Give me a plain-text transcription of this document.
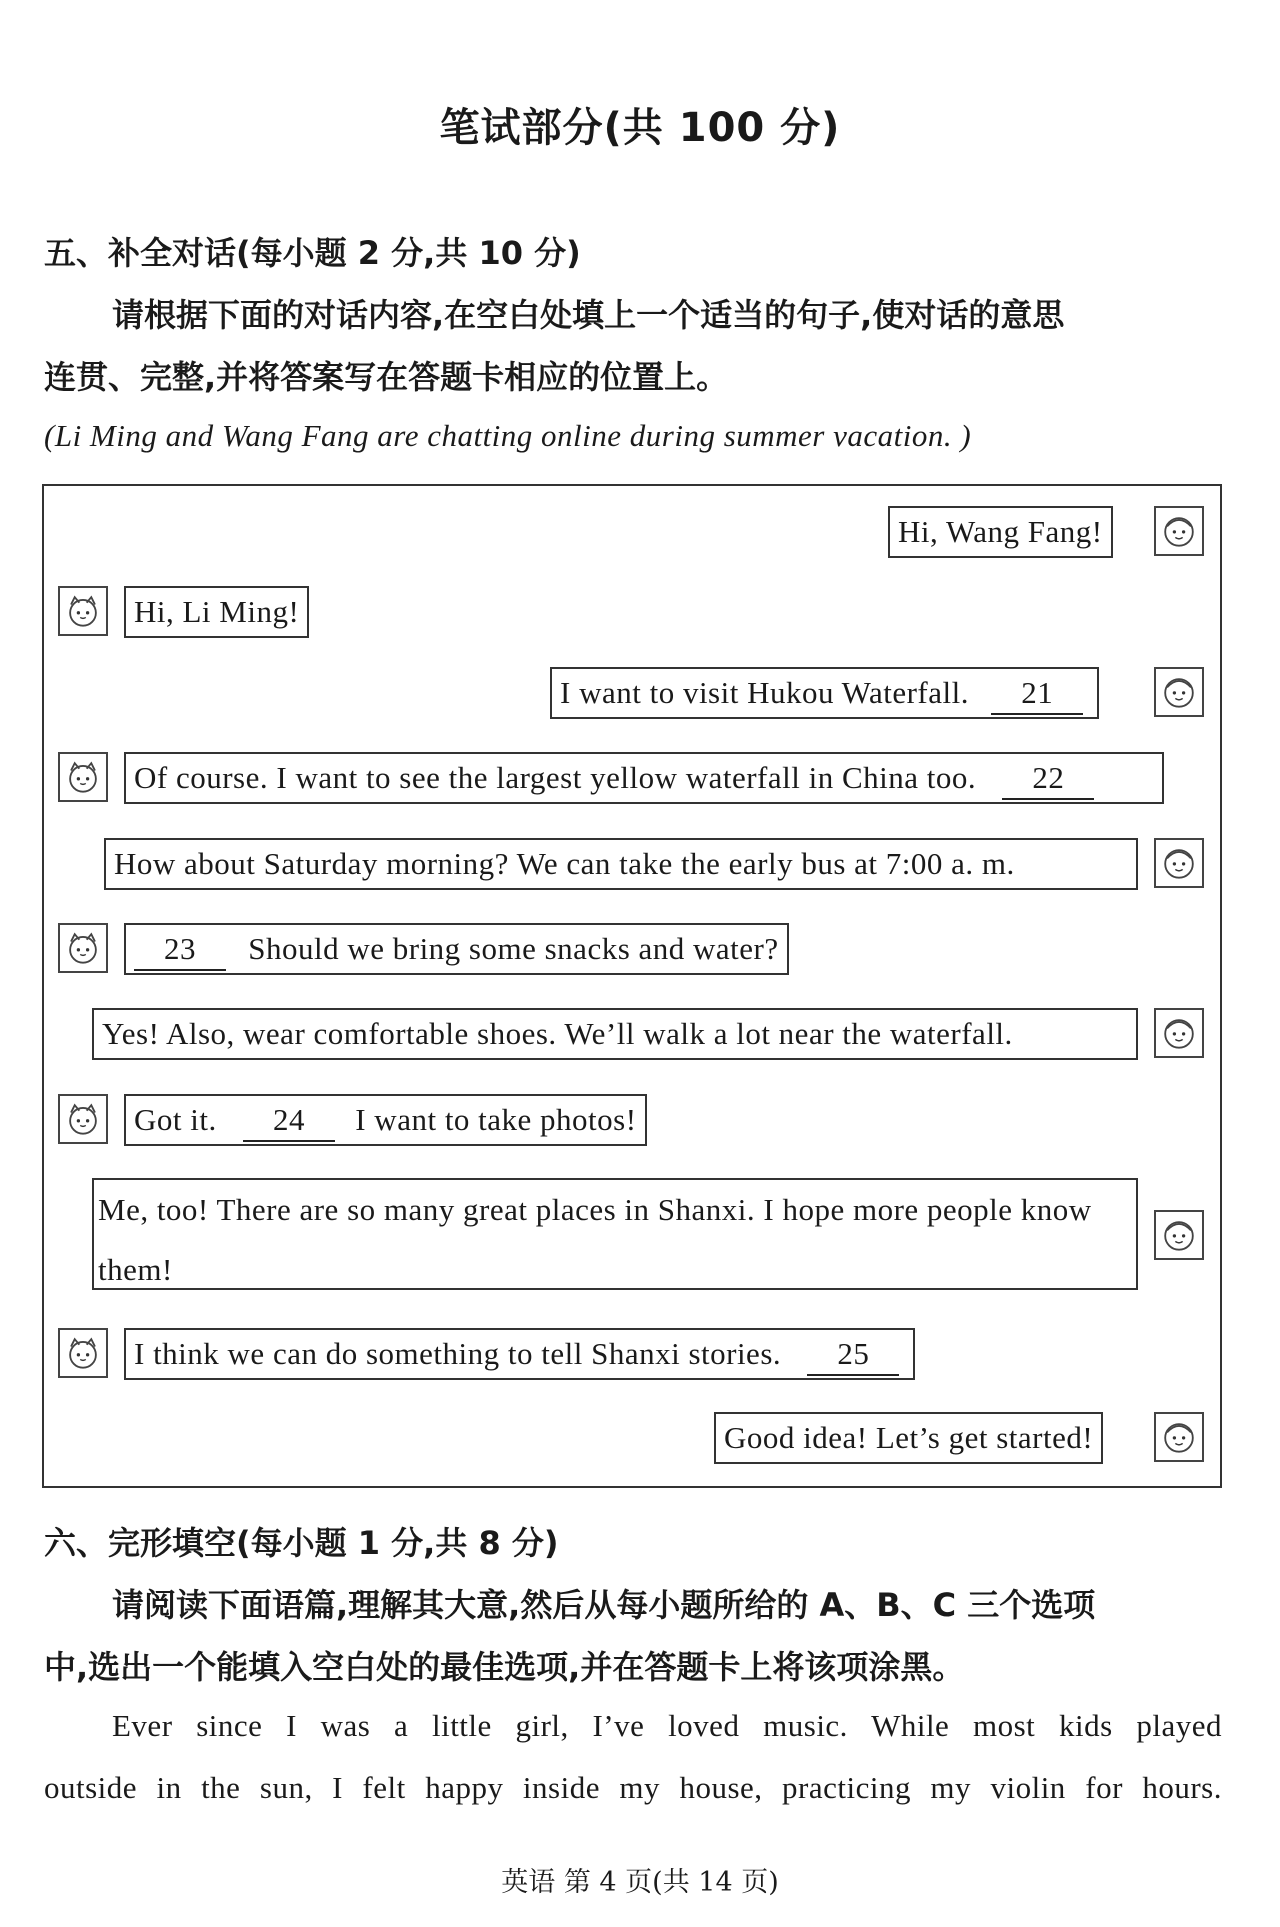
笔试部分(共 100 分)
五、补全对话(每小题 2 分,共 10 分)
请根据下面的对话内容,在空白处填上一个适当的句子,使对话的意思
连贯、完整,并将答案写在答题卡相应的位置上。
(Li Ming and Wang Fang are chatting online during summer vacation. )
Hi, Wang Fang!
Hi, Li Ming!
I want to visit Hukou Waterfall. 21
Of course. I want to see the largest yellow waterfall in China too. 22
How about Saturday morning? We can take the early bus at 7:00 a. m.
23 Should we bring some snacks and water?
Yes! Also, wear comfortable shoes. We’ll walk a lot near the waterfall.
Got it. 24 I want to take photos!
Me, too! There are so many great places in Shanxi. I hope more people know them!
I think we can do something to tell Shanxi stories. 25
Good idea! Let’s get started!
六、完形填空(每小题 1 分,共 8 分)
请阅读下面语篇,理解其大意,然后从每小题所给的 A、B、C 三个选项
中,选出一个能填入空白处的最佳选项,并在答题卡上将该项涂黑。
Ever since I was a little girl, I’ve loved music. While most kids played
outside in the sun, I felt happy inside my house, practicing my violin for hours.
英语 第 4 页(共 14 页)
